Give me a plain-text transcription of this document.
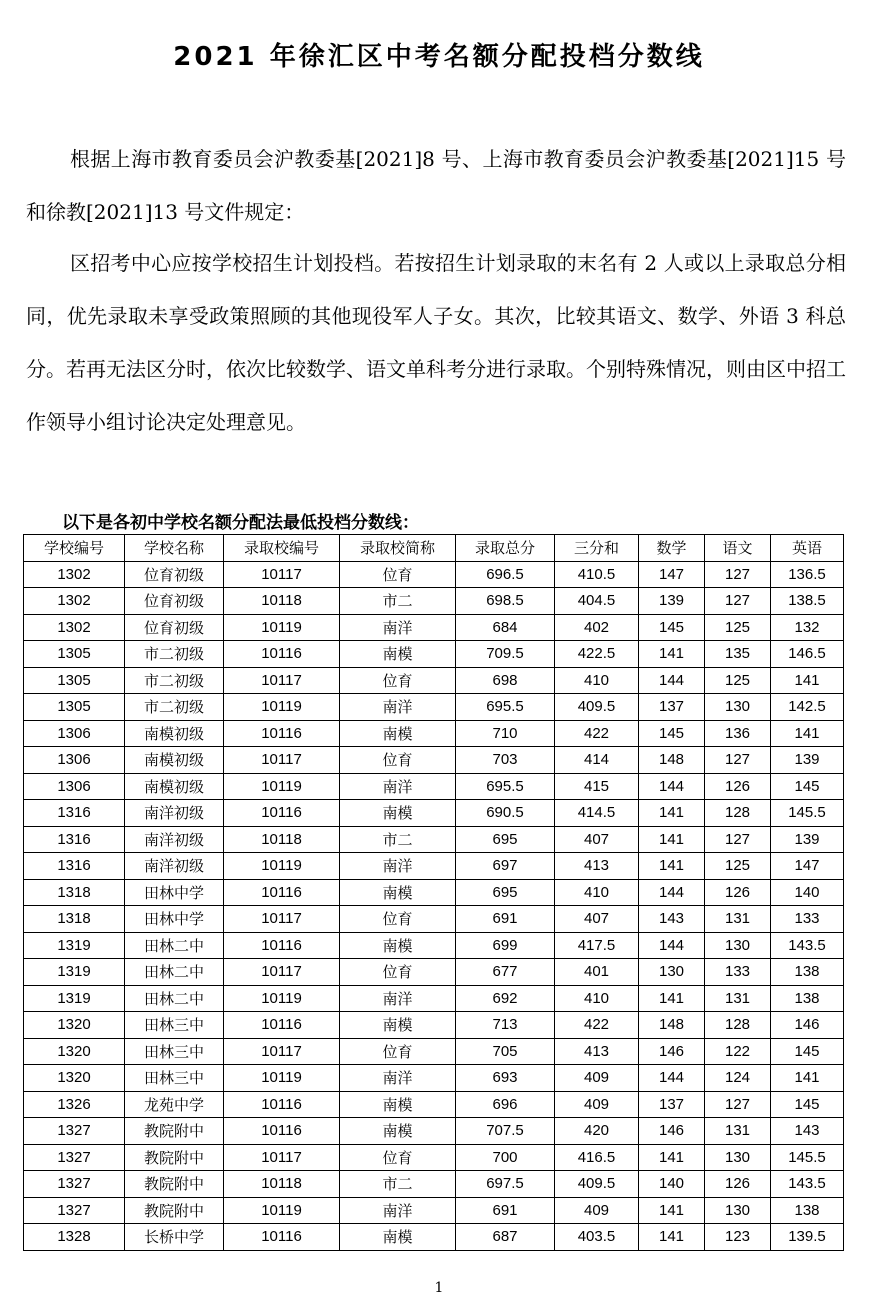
2021 年徐汇区中考名额分配投档分数线
根据上海市教育委员会沪教委基[2021]8 号、上海市教育委员会沪教委基[2021]15 号和徐教[2021]13 号文件规定：
区招考中心应按学校招生计划投档。若按招生计划录取的末名有 2 人或以上录取总分相同，优先录取未享受政策照顾的其他现役军人子女。其次，比较其语文、数学、外语 3 科总分。若再无法区分时，依次比较数学、语文单科考分进行录取。个别特殊情况，则由区中招工作领导小组讨论决定处理意见。
以下是各初中学校名额分配法最低投档分数线：
学校编号	学校名称	录取校编号	录取校简称	录取总分	三分和	数学	语文	英语
1302	位育初级	10117	位育	696.5	410.5	147	127	136.5
1302	位育初级	10118	市二	698.5	404.5	139	127	138.5
1302	位育初级	10119	南洋	684	402	145	125	132
1305	市二初级	10116	南模	709.5	422.5	141	135	146.5
1305	市二初级	10117	位育	698	410	144	125	141
1305	市二初级	10119	南洋	695.5	409.5	137	130	142.5
1306	南模初级	10116	南模	710	422	145	136	141
1306	南模初级	10117	位育	703	414	148	127	139
1306	南模初级	10119	南洋	695.5	415	144	126	145
1316	南洋初级	10116	南模	690.5	414.5	141	128	145.5
1316	南洋初级	10118	市二	695	407	141	127	139
1316	南洋初级	10119	南洋	697	413	141	125	147
1318	田林中学	10116	南模	695	410	144	126	140
1318	田林中学	10117	位育	691	407	143	131	133
1319	田林二中	10116	南模	699	417.5	144	130	143.5
1319	田林二中	10117	位育	677	401	130	133	138
1319	田林二中	10119	南洋	692	410	141	131	138
1320	田林三中	10116	南模	713	422	148	128	146
1320	田林三中	10117	位育	705	413	146	122	145
1320	田林三中	10119	南洋	693	409	144	124	141
1326	龙苑中学	10116	南模	696	409	137	127	145
1327	教院附中	10116	南模	707.5	420	146	131	143
1327	教院附中	10117	位育	700	416.5	141	130	145.5
1327	教院附中	10118	市二	697.5	409.5	140	126	143.5
1327	教院附中	10119	南洋	691	409	141	130	138
1328	长桥中学	10116	南模	687	403.5	141	123	139.5
1
